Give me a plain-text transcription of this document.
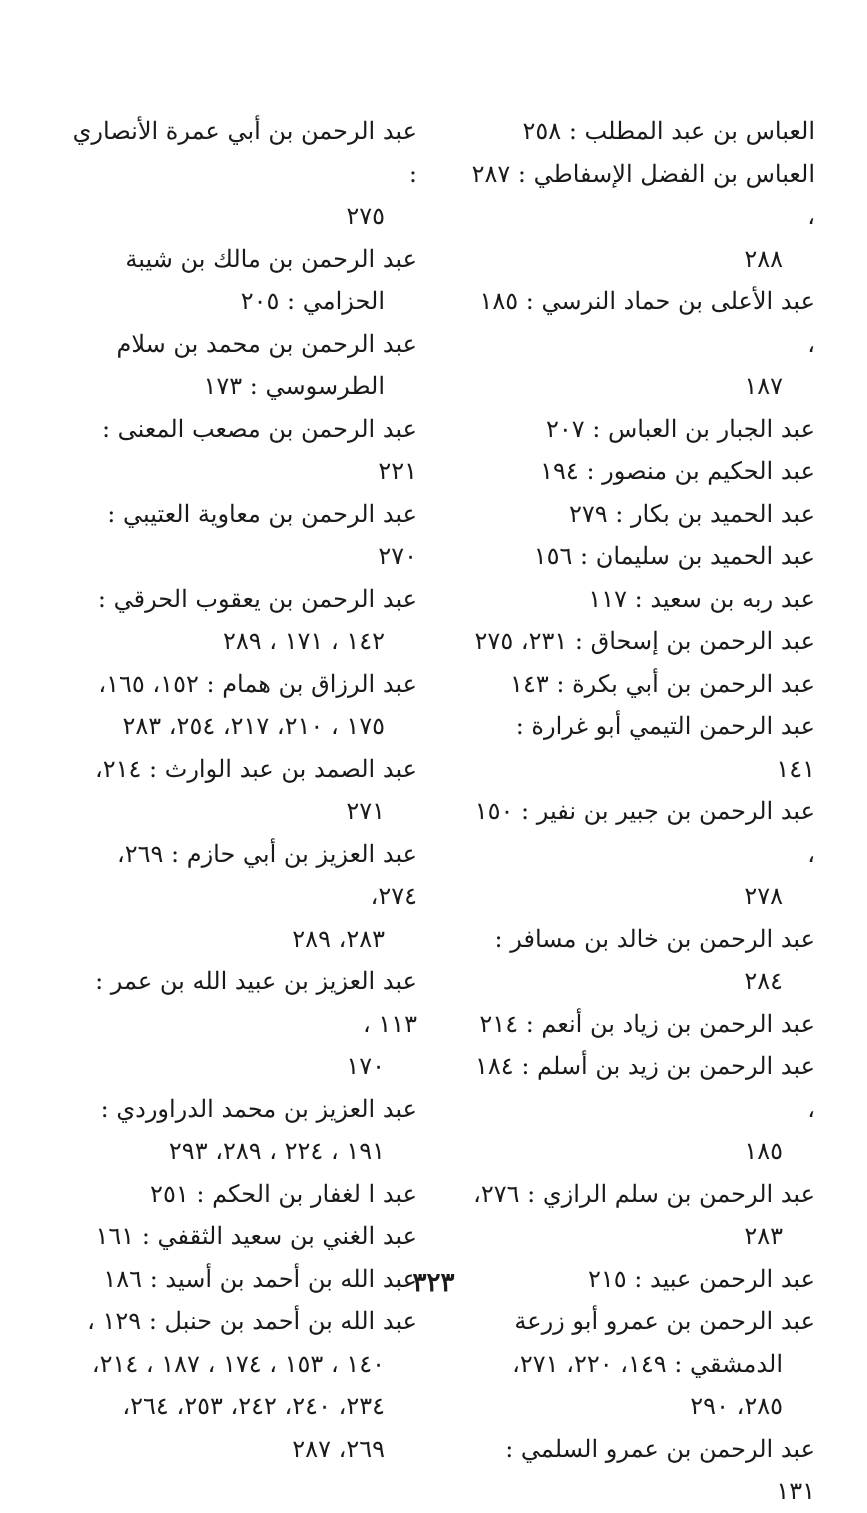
العباس بن عبد المطلب : ٢٥٨
العباس بن الفضل الإسفاطي : ٢٨٧ ،
٢٨٨
عبد الأعلى بن حماد النرسي : ١٨٥ ،
١٨٧
عبد الجبار بن العباس : ٢٠٧
عبد الحكيم بن منصور : ١٩٤
عبد الحميد بن بكار : ٢٧٩
عبد الحميد بن سليمان : ١٥٦
عبد ربه بن سعيد : ١١٧
عبد الرحمن بن إسحاق : ٢٣١، ٢٧٥
عبد الرحمن بن أبي بكرة : ١٤٣
عبد الرحمن التيمي أبو غرارة : ١٤١
عبد الرحمن بن جبير بن نفير : ١٥٠ ،
٢٧٨
عبد الرحمن بن خالد بن مسافر :
٢٨٤
عبد الرحمن بن زياد بن أنعم : ٢١٤
عبد الرحمن بن زيد بن أسلم : ١٨٤ ،
١٨٥
عبد الرحمن بن سلم الرازي : ٢٧٦،
٢٨٣
عبد الرحمن عبيد : ٢١٥
عبد الرحمن بن عمرو أبو زرعة
الدمشقي : ١٤٩، ٢٢٠، ٢٧١، ٢٨٥، ٢٩٠
عبد الرحمن بن عمرو السلمي : ١٣١
عبد الرحمن بن أبي عمرة الأنصاري :
٢٧٥
عبد الرحمن بن مالك بن شيبة
الحزامي : ٢٠٥
عبد الرحمن بن محمد بن سلام
الطرسوسي : ١٧٣
عبد الرحمن بن مصعب المعنى : ٢٢١
عبد الرحمن بن معاوية العتيبي : ٢٧٠
عبد الرحمن بن يعقوب الحرقي :
١٤٢ ، ١٧١ ، ٢٨٩
عبد الرزاق بن همام : ١٥٢، ١٦٥،
١٧٥ ، ٢١٠، ٢١٧، ٢٥٤، ٢٨٣
عبد الصمد بن عبد الوارث : ٢١٤،
٢٧١
عبد العزيز بن أبي حازم : ٢٦٩، ٢٧٤،
٢٨٣، ٢٨٩
عبد العزيز بن عبيد الله بن عمر : ١١٣ ،
١٧٠
عبد العزيز بن محمد الدراوردي :
١٩١ ، ٢٢٤ ، ٢٨٩، ٢٩٣
عبد ا لغفار بن الحكم : ٢٥١
عبد الغني بن سعيد الثقفي : ١٦١
عبد الله بن أحمد بن أسيد : ١٨٦
عبد الله بن أحمد بن حنبل : ١٢٩ ،
١٤٠ ، ١٥٣ ، ١٧٤ ، ١٨٧ ، ٢١٤، ٢٣٤، ٢٤٠، ٢٤٢، ٢٥٣، ٢٦٤، ٢٦٩، ٢٨٧
٣٢٣
